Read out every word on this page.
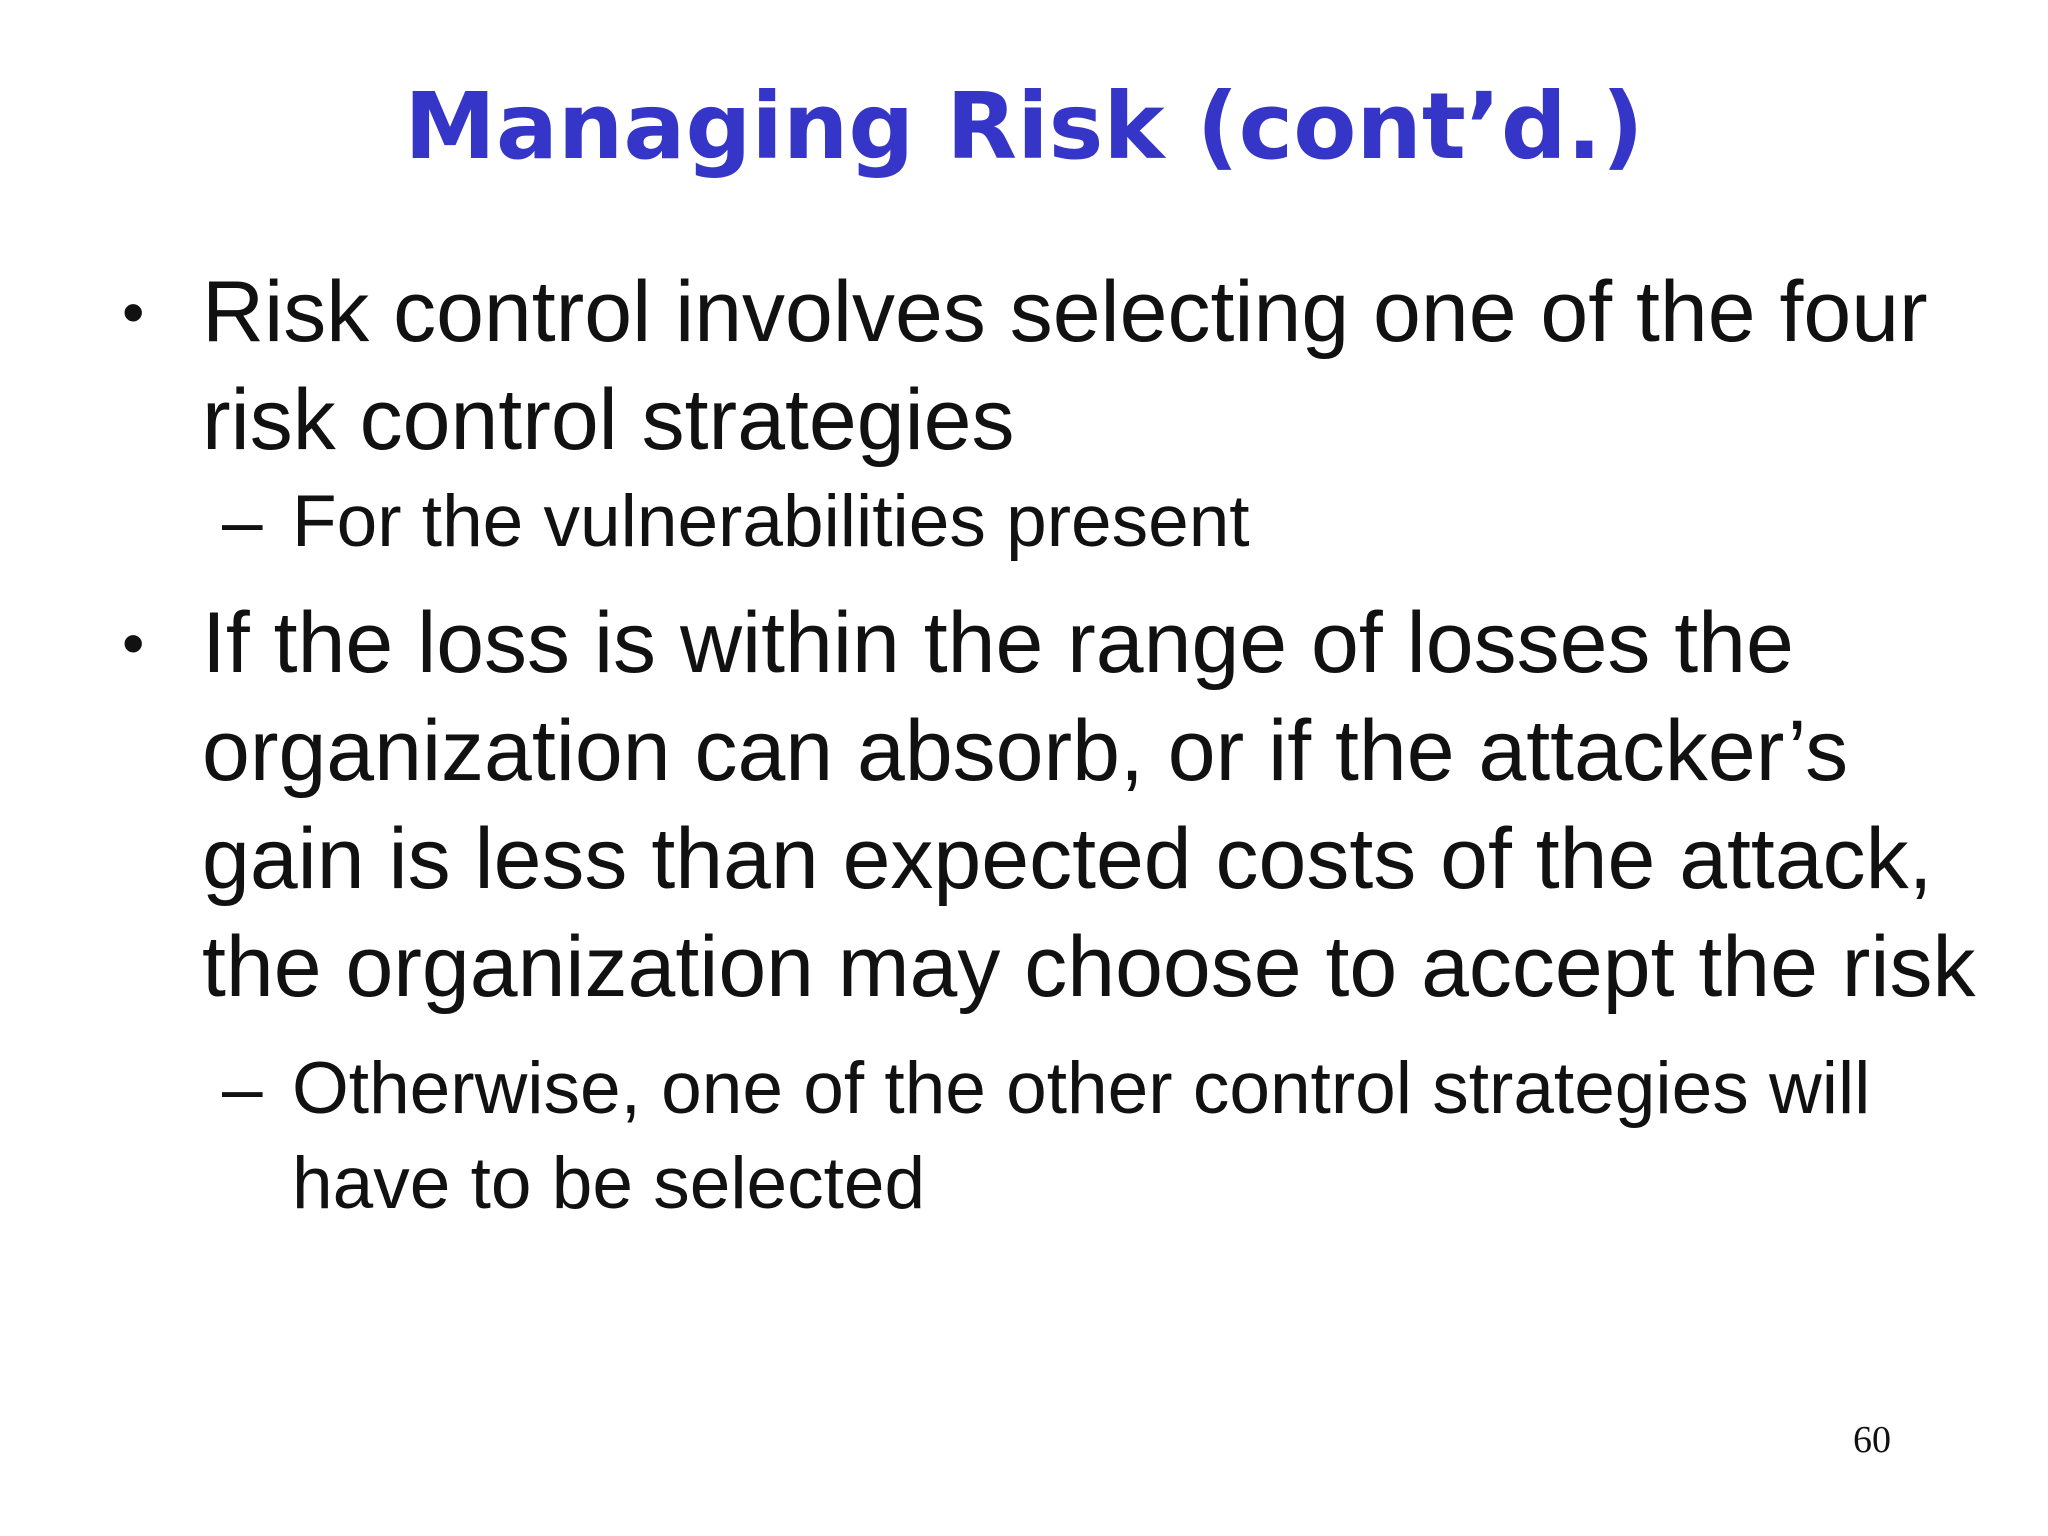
Managing Risk (cont’d.)

• Risk control involves selecting one of the four risk control strategies

– For the vulnerabilities present

• If the loss is within the range of losses the organization can absorb, or if the attacker’s gain is less than expected costs of the attack, the organization may choose to accept the risk

– Otherwise, one of the other control strategies will have to be selected

60
